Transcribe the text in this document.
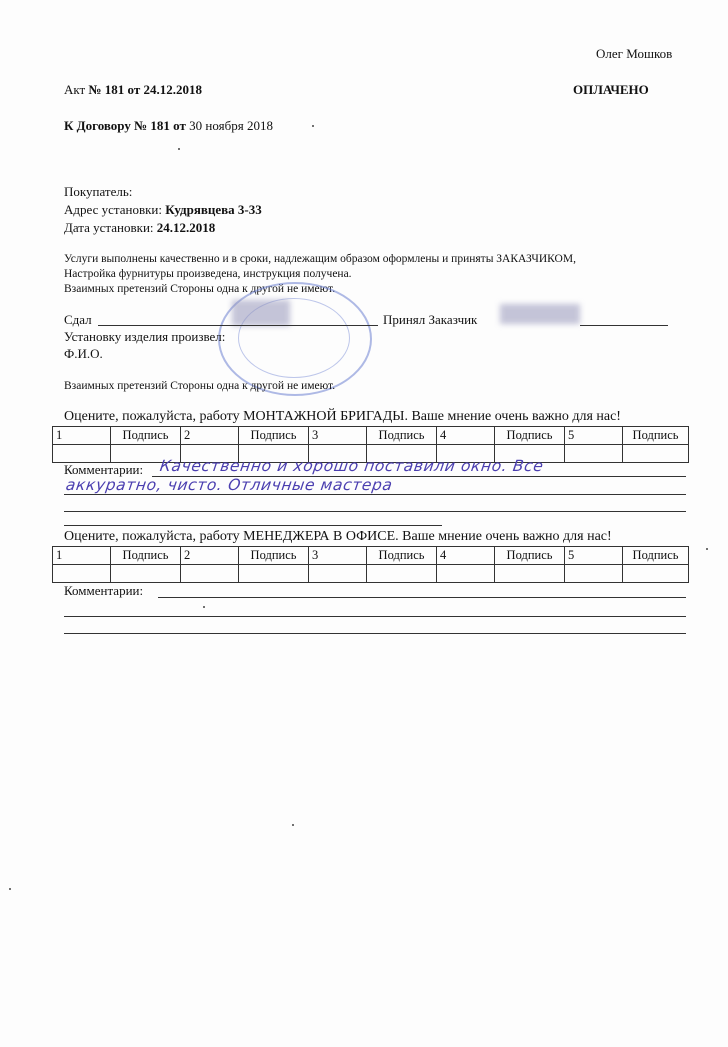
Олег Мошков
Акт № 181 от 24.12.2018	ОПЛАЧЕНО
К Договору № 181 от 30 ноября 2018
Покупатель:
Адрес установки: Кудрявцева 3-33
Дата установки: 24.12.2018
Услуги выполнены качественно и в сроки, надлежащим образом оформлены и приняты ЗАКАЗЧИКОМ,
Настройка фурнитуры произведена, инструкция получена.
Взаимных претензий Стороны одна к другой не имеют.
Сдал	Принял Заказчик
Установку изделия произвел:
Ф.И.О.
Взаимных претензий Стороны одна к другой не имеют.
Оцените, пожалуйста, работу МОНТАЖНОЙ БРИГАДЫ. Ваше мнение очень важно для нас!
1	Подпись	2	Подпись	3	Подпись	4	Подпись	5	Подпись

Комментарии: Качественно и хорошо поставили окно. Все
аккуратно, чисто. Отличные мастера
Оцените, пожалуйста, работу МЕНЕДЖЕРА В ОФИСЕ. Ваше мнение очень важно для нас!
1	Подпись	2	Подпись	3	Подпись	4	Подпись	5	Подпись

Комментарии:
